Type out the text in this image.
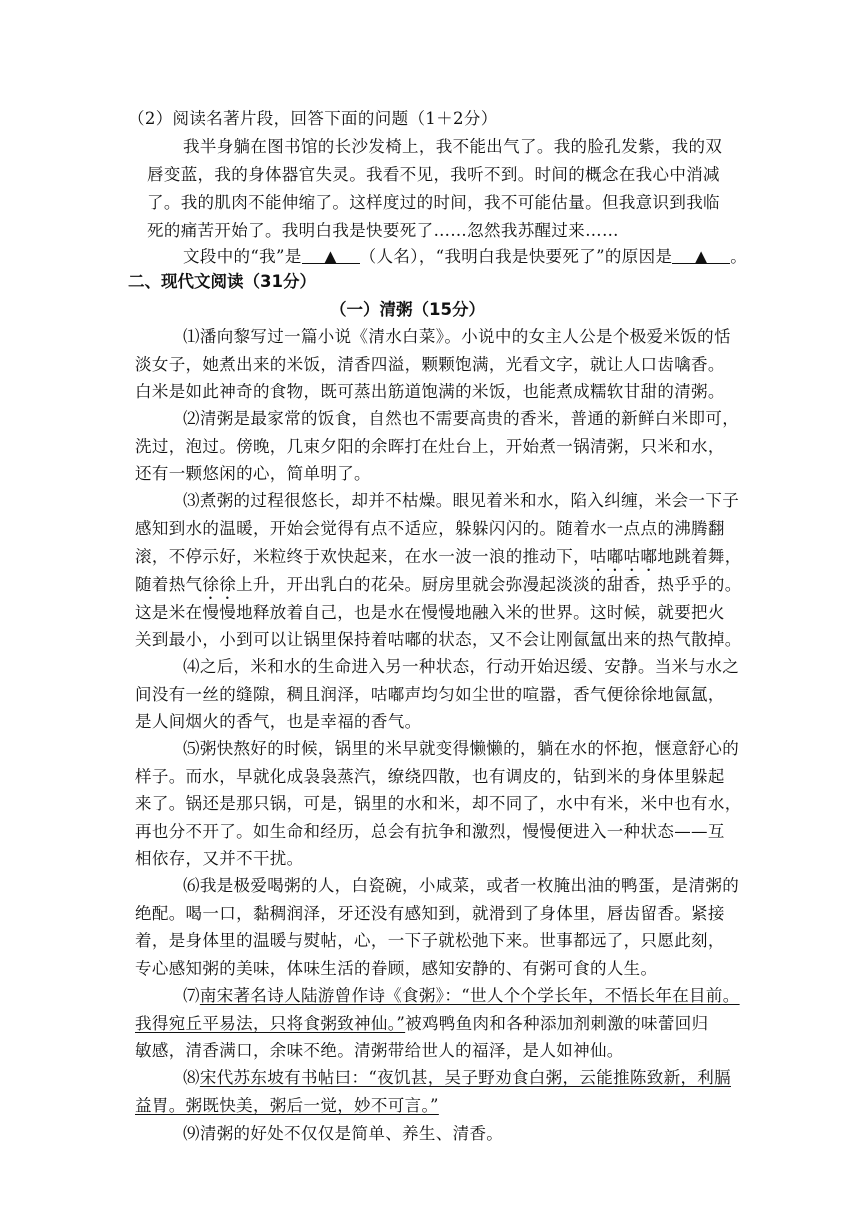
（2）阅读名著片段，回答下面的问题（1＋2分）
我半身躺在图书馆的长沙发椅上，我不能出气了。我的脸孔发紫，我的双
唇变蓝，我的身体器官失灵。我看不见，我听不到。时间的概念在我心中消减
了。我的肌肉不能伸缩了。这样度过的时间，我不可能估量。但我意识到我临
死的痛苦开始了。我明白我是快要死了……忽然我苏醒过来……
文段中的“我”是 ▲ （人名），“我明白我是快要死了”的原因是 ▲ 。
二、现代文阅读（31分）
（一）清粥（15分）
⑴潘向黎写过一篇小说《清水白菜》。小说中的女主人公是个极爱米饭的恬
淡女子，她煮出来的米饭，清香四溢，颗颗饱满，光看文字，就让人口齿噙香。
白米是如此神奇的食物，既可蒸出筋道饱满的米饭，也能煮成糯软甘甜的清粥。
⑵清粥是最家常的饭食，自然也不需要高贵的香米，普通的新鲜白米即可，
洗过，泡过。傍晚，几束夕阳的余晖打在灶台上，开始煮一锅清粥，只米和水，
还有一颗悠闲的心，简单明了。
⑶煮粥的过程很悠长，却并不枯燥。眼见着米和水，陷入纠缠，米会一下子
感知到水的温暖，开始会觉得有点不适应，躲躲闪闪的。随着水一点点的沸腾翻
滚，不停示好，米粒终于欢快起来，在水一波一浪的推动下，咕嘟咕嘟地跳着舞，
随着热气徐徐上升，开出乳白的花朵。厨房里就会弥漫起淡淡的甜香，热乎乎的。
这是米在慢慢地释放着自己，也是水在慢慢地融入米的世界。这时候，就要把火
关到最小，小到可以让锅里保持着咕嘟的状态，又不会让刚氤氲出来的热气散掉。
⑷之后，米和水的生命进入另一种状态，行动开始迟缓、安静。当米与水之
间没有一丝的缝隙，稠且润泽，咕嘟声均匀如尘世的喧嚣，香气便徐徐地氤氲，
是人间烟火的香气，也是幸福的香气。
⑸粥快熬好的时候，锅里的米早就变得懒懒的，躺在水的怀抱，惬意舒心的
样子。而水，早就化成袅袅蒸汽，缭绕四散，也有调皮的，钻到米的身体里躲起
来了。锅还是那只锅，可是，锅里的水和米，却不同了，水中有米，米中也有水，
再也分不开了。如生命和经历，总会有抗争和激烈，慢慢便进入一种状态——互
相依存，又并不干扰。
⑹我是极爱喝粥的人，白瓷碗，小咸菜，或者一枚腌出油的鸭蛋，是清粥的
绝配。喝一口，黏稠润泽，牙还没有感知到，就滑到了身体里，唇齿留香。紧接
着，是身体里的温暖与熨帖，心，一下子就松弛下来。世事都远了，只愿此刻，
专心感知粥的美味，体味生活的眷顾，感知安静的、有粥可食的人生。
⑺南宋著名诗人陆游曾作诗《食粥》：“世人个个学长年，不悟长年在目前。
我得宛丘平易法，只将食粥致神仙。”被鸡鸭鱼肉和各种添加剂刺激的味蕾回归
敏感，清香满口，余味不绝。清粥带给世人的福泽，是人如神仙。
⑻宋代苏东坡有书帖曰：“夜饥甚，吴子野劝食白粥，云能推陈致新，利膈
益胃。粥既快美，粥后一觉，妙不可言。”
⑼清粥的好处不仅仅是简单、养生、清香。
